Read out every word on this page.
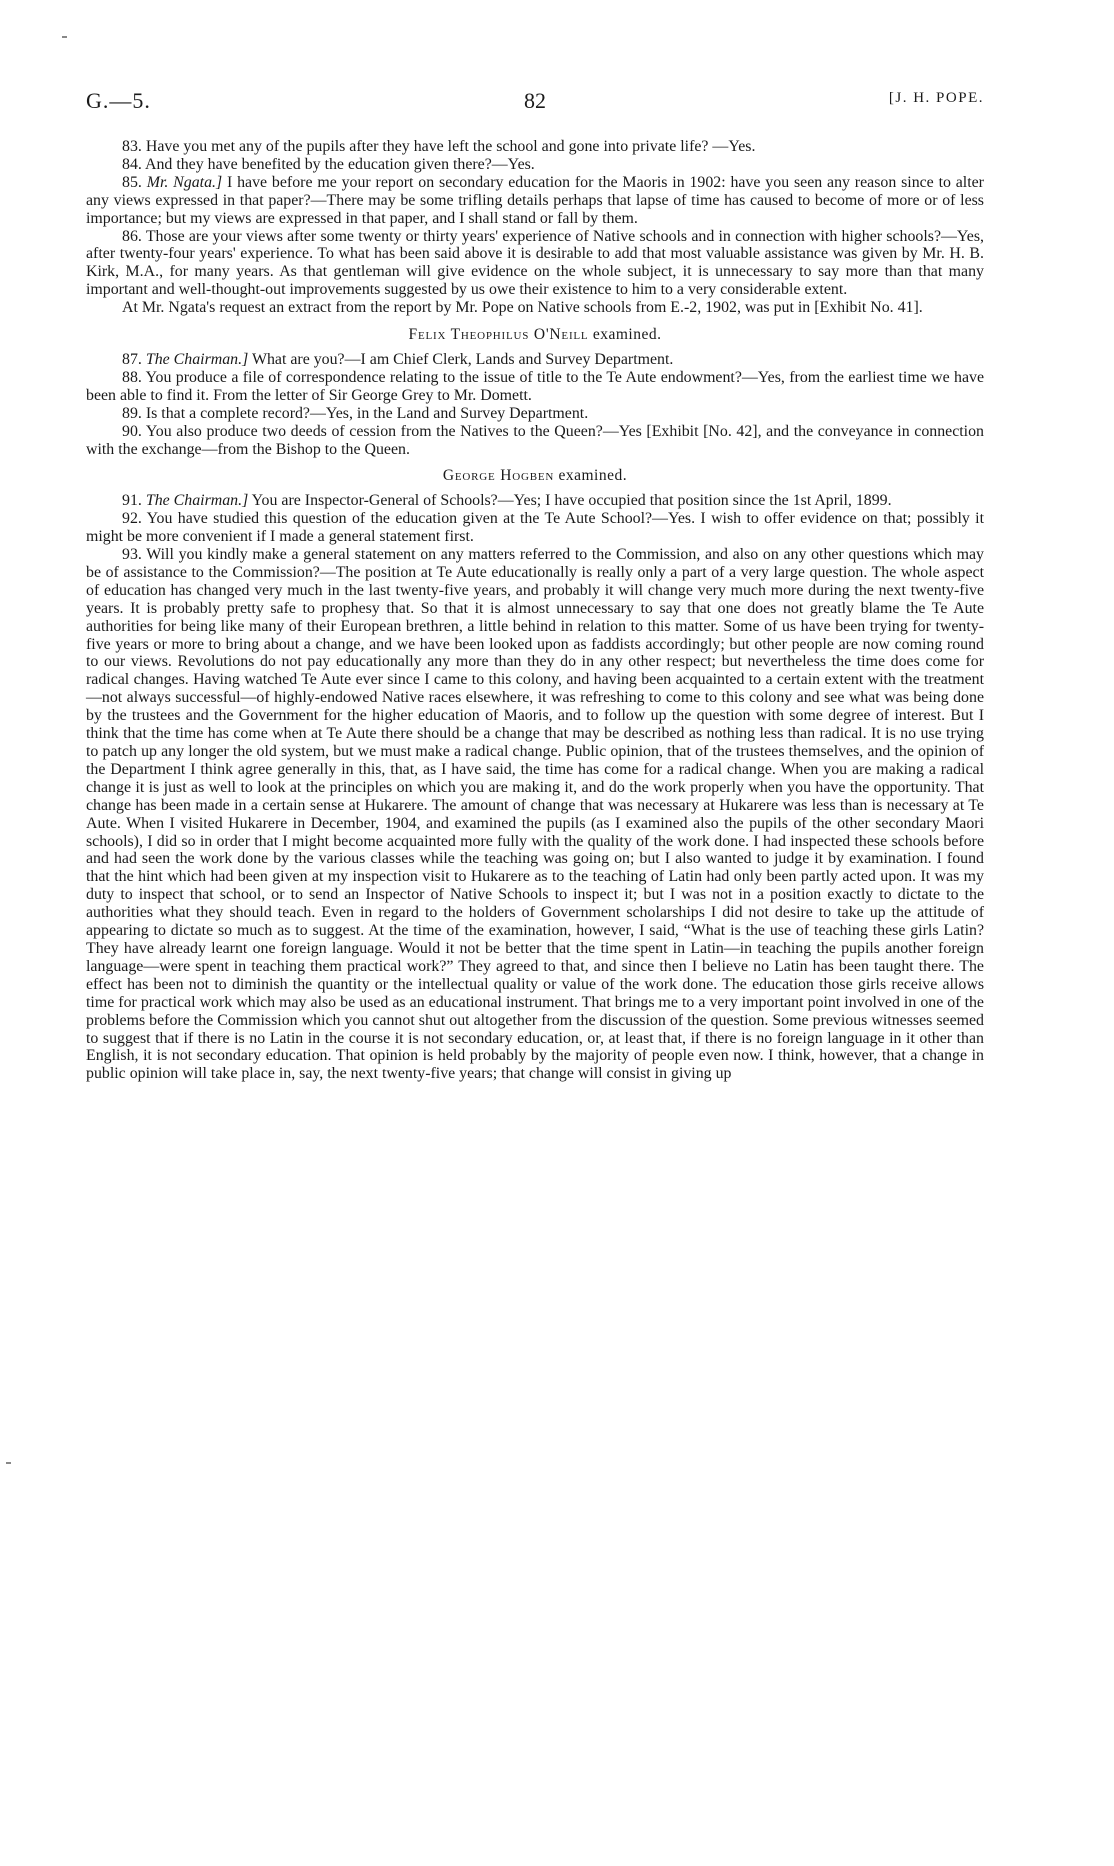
G.—5.	82	[J. H. POPE.

83. Have you met any of the pupils after they have left the school and gone into private life? —Yes.

84. And they have benefited by the education given there?—Yes.

85. Mr. Ngata.] I have before me your report on secondary education for the Maoris in 1902: have you seen any reason since to alter any views expressed in that paper?—There may be some trifling details perhaps that lapse of time has caused to become of more or of less importance; but my views are expressed in that paper, and I shall stand or fall by them.

86. Those are your views after some twenty or thirty years' experience of Native schools and in connection with higher schools?—Yes, after twenty-four years' experience. To what has been said above it is desirable to add that most valuable assistance was given by Mr. H. B. Kirk, M.A., for many years. As that gentleman will give evidence on the whole subject, it is unnecessary to say more than that many important and well-thought-out improvements suggested by us owe their existence to him to a very considerable extent.

At Mr. Ngata's request an extract from the report by Mr. Pope on Native schools from E.-2, 1902, was put in [Exhibit No. 41].

Felix Theophilus O'Neill examined.

87. The Chairman.] What are you?—I am Chief Clerk, Lands and Survey Department.

88. You produce a file of correspondence relating to the issue of title to the Te Aute endowment?—Yes, from the earliest time we have been able to find it. From the letter of Sir George Grey to Mr. Domett.

89. Is that a complete record?—Yes, in the Land and Survey Department.

90. You also produce two deeds of cession from the Natives to the Queen?—Yes [Exhibit [No. 42], and the conveyance in connection with the exchange—from the Bishop to the Queen.

George Hogben examined.

91. The Chairman.] You are Inspector-General of Schools?—Yes; I have occupied that position since the 1st April, 1899.

92. You have studied this question of the education given at the Te Aute School?—Yes. I wish to offer evidence on that; possibly it might be more convenient if I made a general statement first.

93. Will you kindly make a general statement on any matters referred to the Commission, and also on any other questions which may be of assistance to the Commission?—The position at Te Aute educationally is really only a part of a very large question. The whole aspect of education has changed very much in the last twenty-five years, and probably it will change very much more during the next twenty-five years. It is probably pretty safe to prophesy that. So that it is almost unnecessary to say that one does not greatly blame the Te Aute authorities for being like many of their European brethren, a little behind in relation to this matter. Some of us have been trying for twenty-five years or more to bring about a change, and we have been looked upon as faddists accordingly; but other people are now coming round to our views. Revolutions do not pay educationally any more than they do in any other respect; but nevertheless the time does come for radical changes. Having watched Te Aute ever since I came to this colony, and having been acquainted to a certain extent with the treatment—not always successful—of highly-endowed Native races elsewhere, it was refreshing to come to this colony and see what was being done by the trustees and the Government for the higher education of Maoris, and to follow up the question with some degree of interest. But I think that the time has come when at Te Aute there should be a change that may be described as nothing less than radical. It is no use trying to patch up any longer the old system, but we must make a radical change. Public opinion, that of the trustees themselves, and the opinion of the Department I think agree generally in this, that, as I have said, the time has come for a radical change. When you are making a radical change it is just as well to look at the principles on which you are making it, and do the work properly when you have the opportunity. That change has been made in a certain sense at Hukarere. The amount of change that was necessary at Hukarere was less than is necessary at Te Aute. When I visited Hukarere in December, 1904, and examined the pupils (as I examined also the pupils of the other secondary Maori schools), I did so in order that I might become acquainted more fully with the quality of the work done. I had inspected these schools before and had seen the work done by the various classes while the teaching was going on; but I also wanted to judge it by examination. I found that the hint which had been given at my inspection visit to Hukarere as to the teaching of Latin had only been partly acted upon. It was my duty to inspect that school, or to send an Inspector of Native Schools to inspect it; but I was not in a position exactly to dictate to the authorities what they should teach. Even in regard to the holders of Government scholarships I did not desire to take up the attitude of appearing to dictate so much as to suggest. At the time of the examination, however, I said, “What is the use of teaching these girls Latin? They have already learnt one foreign language. Would it not be better that the time spent in Latin—in teaching the pupils another foreign language—were spent in teaching them practical work?” They agreed to that, and since then I believe no Latin has been taught there. The effect has been not to diminish the quantity or the intellectual quality or value of the work done. The education those girls receive allows time for practical work which may also be used as an educational instrument. That brings me to a very important point involved in one of the problems before the Commission which you cannot shut out altogether from the discussion of the question. Some previous witnesses seemed to suggest that if there is no Latin in the course it is not secondary education, or, at least that, if there is no foreign language in it other than English, it is not secondary education. That opinion is held probably by the majority of people even now. I think, however, that a change in public opinion will take place in, say, the next twenty-five years; that change will consist in giving up
